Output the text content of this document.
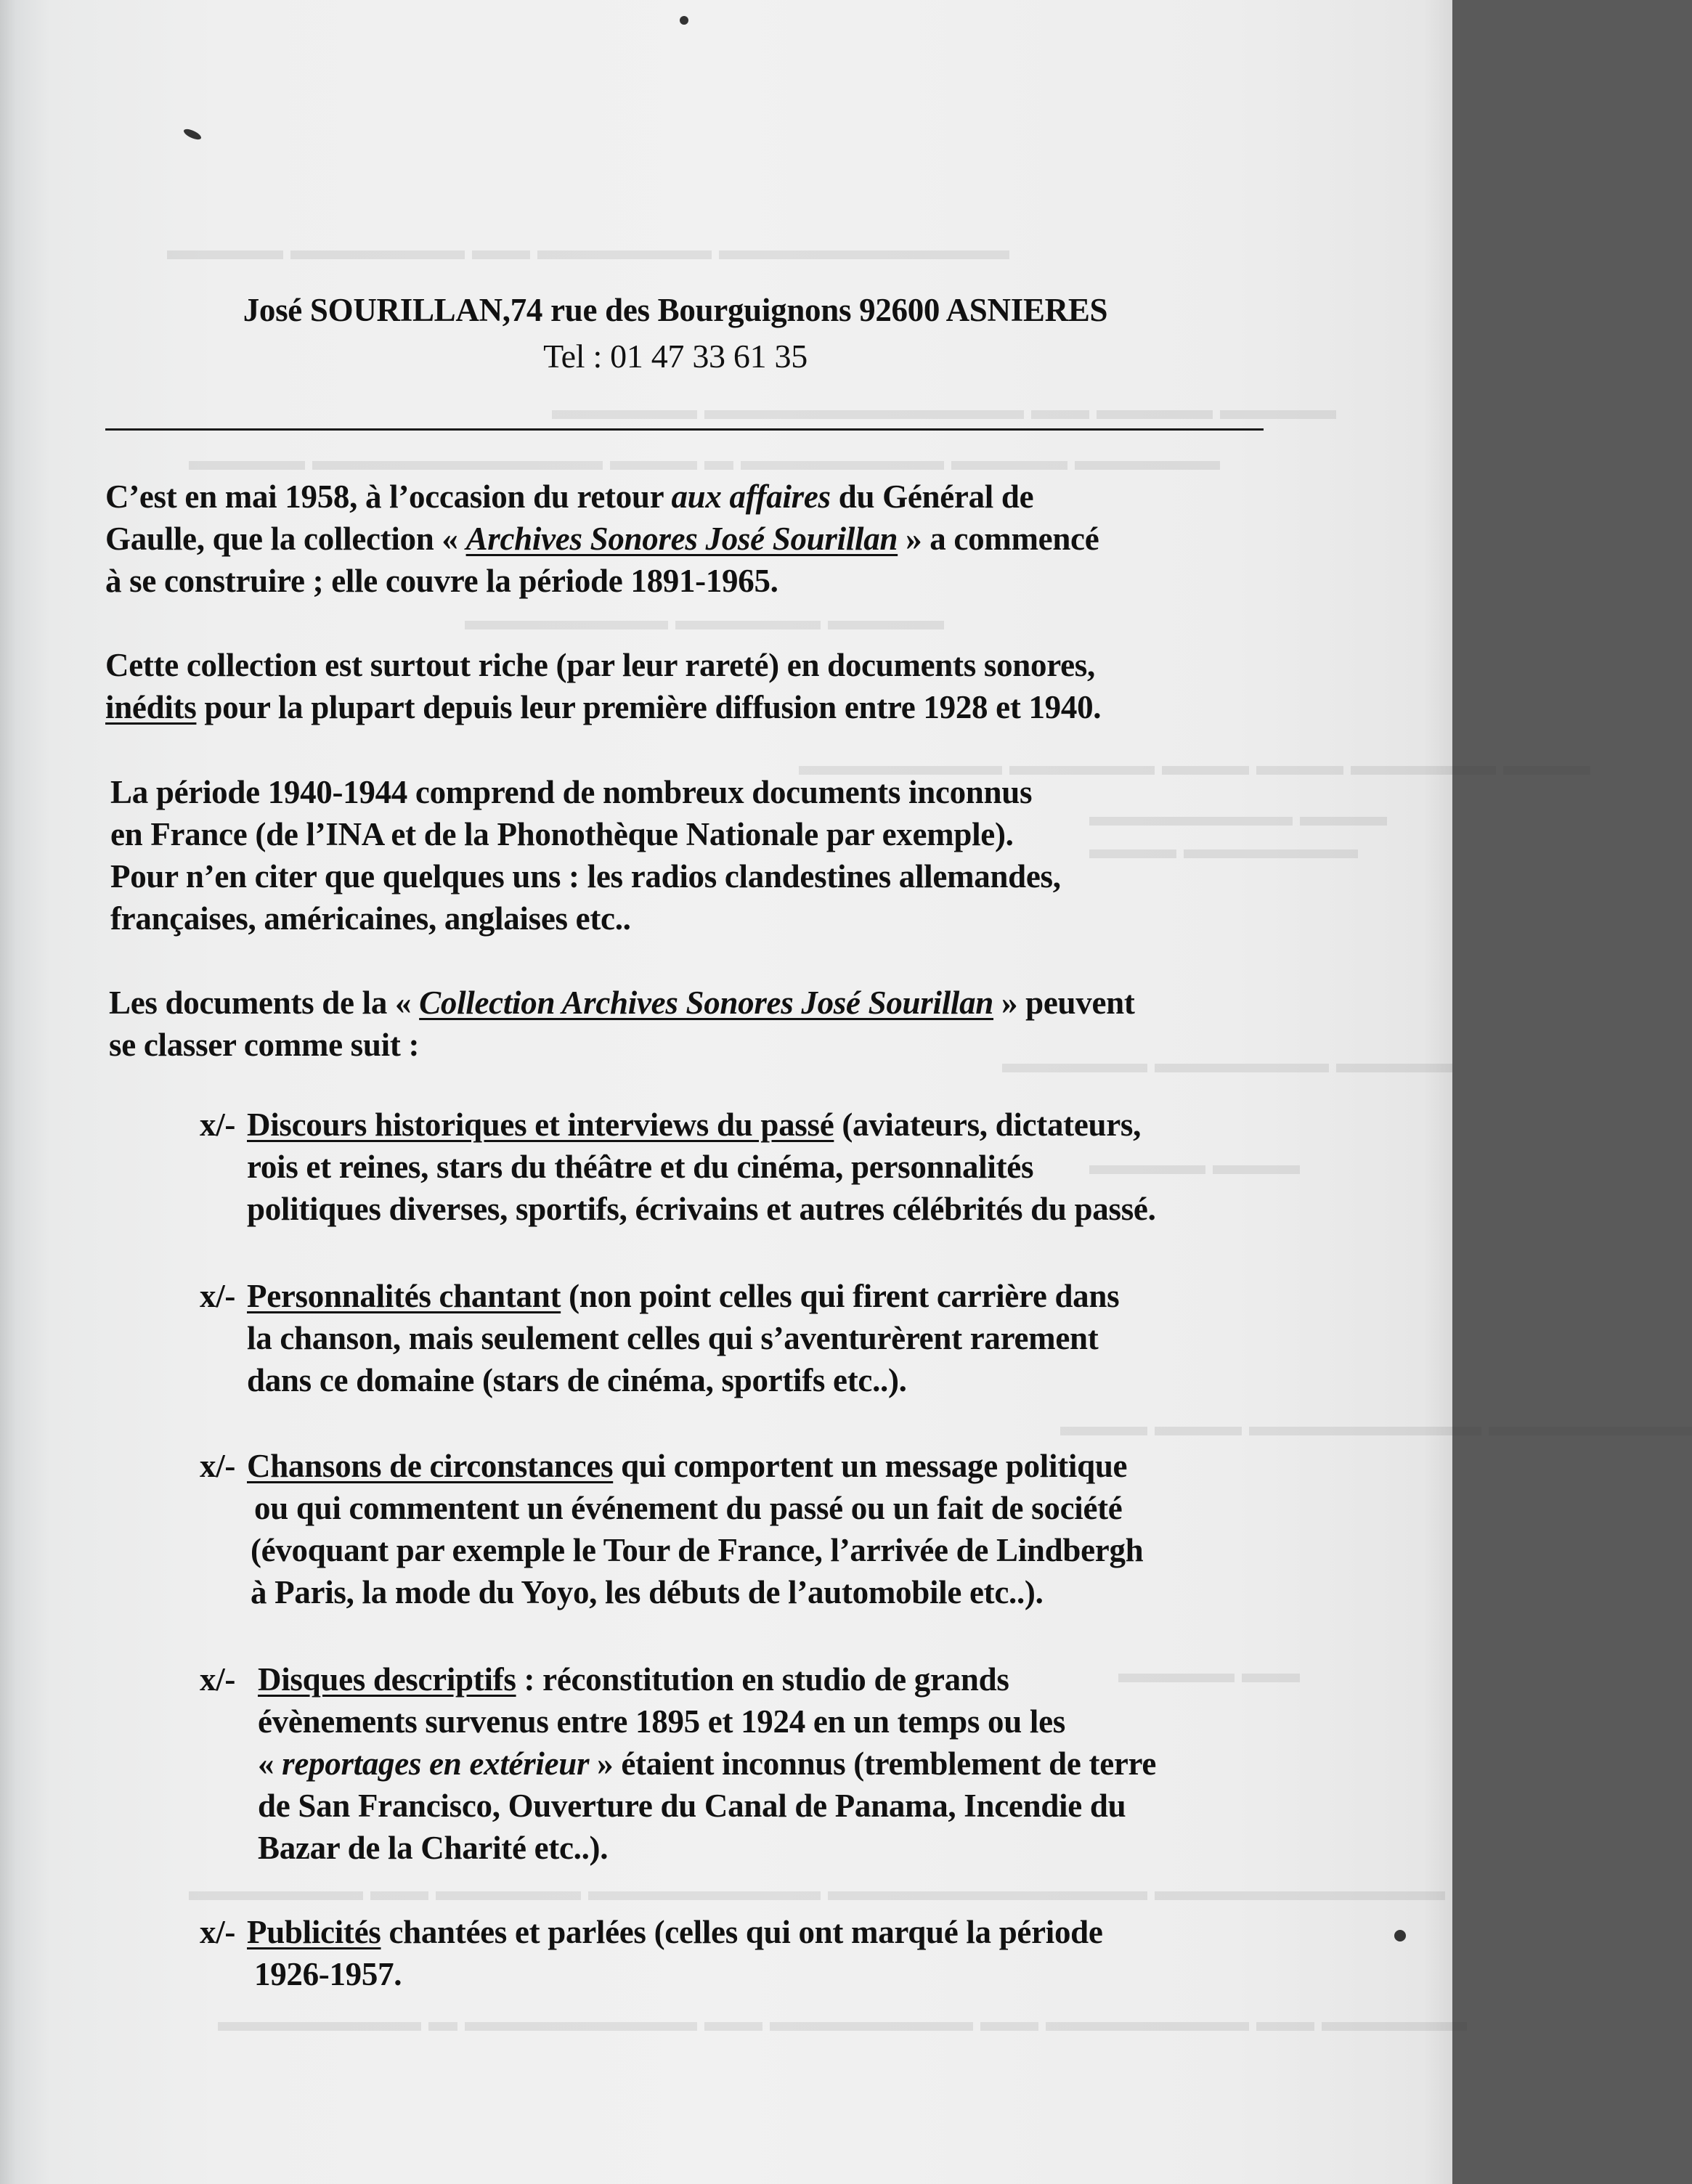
▬▬▬▬ ▬▬▬▬▬▬ ▬▬ ▬▬▬▬▬▬ ▬▬▬▬▬▬▬▬▬▬
▬▬▬▬▬ ▬▬▬▬▬▬▬▬▬▬▬ ▬▬ ▬▬▬▬ ▬▬▬▬
▬▬▬▬ ▬▬▬▬▬▬▬▬▬▬ ▬▬▬ ▬ ▬▬▬▬▬▬▬ ▬▬▬▬ ▬▬▬▬▬
▬▬▬▬▬▬▬ ▬▬▬▬▬ ▬▬▬▬
▬▬▬▬▬▬▬ ▬▬▬▬▬ ▬▬▬ ▬▬▬ ▬▬▬▬▬ ▬▬▬
▬▬▬▬▬▬▬ ▬▬▬
▬▬▬ ▬▬▬▬▬▬
▬▬▬▬▬ ▬▬▬▬▬▬ ▬▬▬▬
▬▬▬▬ ▬▬▬
▬▬▬ ▬▬▬ ▬▬▬▬▬▬▬▬ ▬▬▬▬▬▬▬
▬▬▬▬ ▬▬
▬▬▬▬▬▬ ▬▬ ▬▬▬▬▬ ▬▬▬▬▬▬▬▬ ▬▬▬▬▬▬▬▬▬▬▬ ▬▬▬▬▬▬▬▬▬▬
▬▬▬▬▬▬▬ ▬ ▬▬▬▬▬▬▬▬ ▬▬ ▬▬▬▬▬▬▬ ▬▬ ▬▬▬▬▬▬▬ ▬▬ ▬▬▬▬▬
José SOURILLAN,74 rue des Bourguignons 92600 ASNIERES
Tel : 01 47 33 61 35
C’est en mai 1958, à l’occasion du retour aux affaires du Général de
Gaulle, que la collection « Archives Sonores José Sourillan » a commencé
à se construire ; elle couvre la période 1891-1965.
Cette collection est surtout riche (par leur rareté) en documents sonores,
inédits pour la plupart depuis leur première diffusion entre 1928 et 1940.
La période 1940-1944 comprend de nombreux documents inconnus
en France (de l’INA et de la Phonothèque Nationale par exemple).
Pour n’en citer que quelques uns : les radios clandestines allemandes,
françaises, américaines, anglaises etc..
Les documents de la « Collection Archives Sonores José Sourillan » peuvent
se classer comme suit :
x/- Discours historiques et interviews du passé (aviateurs, dictateurs,
rois et reines, stars du théâtre et du cinéma, personnalités
politiques diverses, sportifs, écrivains et autres célébrités du passé.
x/- Personnalités chantant (non point celles qui firent carrière dans
la chanson, mais seulement celles qui s’aventurèrent rarement
dans ce domaine (stars de cinéma, sportifs etc..).
x/- Chansons de circonstances qui comportent un message politique
ou qui commentent un événement du passé ou un fait de société
(évoquant par exemple le Tour de France, l’arrivée de Lindbergh
à Paris, la mode du Yoyo, les débuts de l’automobile etc..).
x/- Disques descriptifs : réconstitution en studio de grands
évènements survenus entre 1895 et 1924 en un temps ou les
« reportages en extérieur » étaient inconnus (tremblement de terre
de San Francisco, Ouverture du Canal de Panama, Incendie du
Bazar de la Charité etc..).
x/- Publicités chantées et parlées (celles qui ont marqué la période
1926-1957.
